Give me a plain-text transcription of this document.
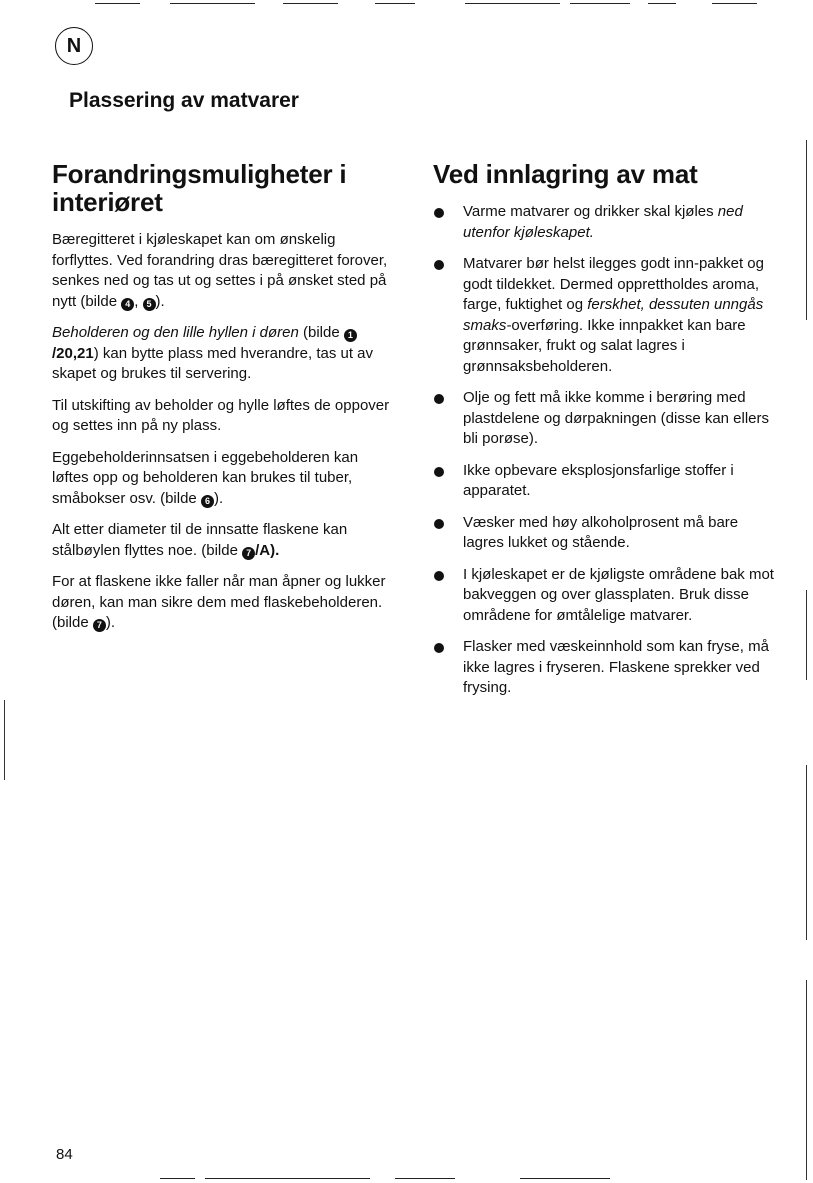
N
Plassering av matvarer
Forandringsmuligheter i
interiøret

Bæregitteret i kjøleskapet kan om ønskelig forflyttes. Ved forandring dras bæregitteret forover, senkes ned og tas ut og settes i på ønsket sted på nytt (bilde 4 , 5 ).

Beholderen og den lille hyllen i døren (bilde 1/20,21) kan bytte plass med hverandre, tas ut av skapet og brukes til servering.

Til utskifting av beholder og hylle løftes de oppover og settes inn på ny plass.

Eggebeholderinnsatsen i eggebeholderen kan løftes opp og beholderen kan brukes til tuber, småbokser osv. (bilde 6 ).

Alt etter diameter til de innsatte flaskene kan stålbøylen flyttes noe. (bilde 7 /A).

For at flaskene ikke faller når man åpner og lukker døren, kan man sikre dem med flaskebeholderen. (bilde 7 ).

Ved innlagring av mat
Varme matvarer og drikker skal kjøles ned utenfor kjøleskapet.
Matvarer bør helst ilegges godt inn-pakket og godt tildekket. Dermed opprettholdes aroma, farge, fuktighet og ferskhet, dessuten unngås smaks-overføring. Ikke innpakket kan bare grønnsaker, frukt og salat lagres i grønnsaksbeholderen.
Olje og fett må ikke komme i berøring med plastdelene og dørpakningen (disse kan ellers bli porøse).
Ikke opbevare eksplosjonsfarlige stoffer i apparatet.
Væsker med høy alkoholprosent må bare lagres lukket og stående.
I kjøleskapet er de kjøligste områdene bak mot bakveggen og over glassplaten. Bruk disse områdene for ømtålelige matvarer.
Flasker med væskeinnhold som kan fryse, må ikke lagres i fryseren. Flaskene sprekker ved frysing.
84
